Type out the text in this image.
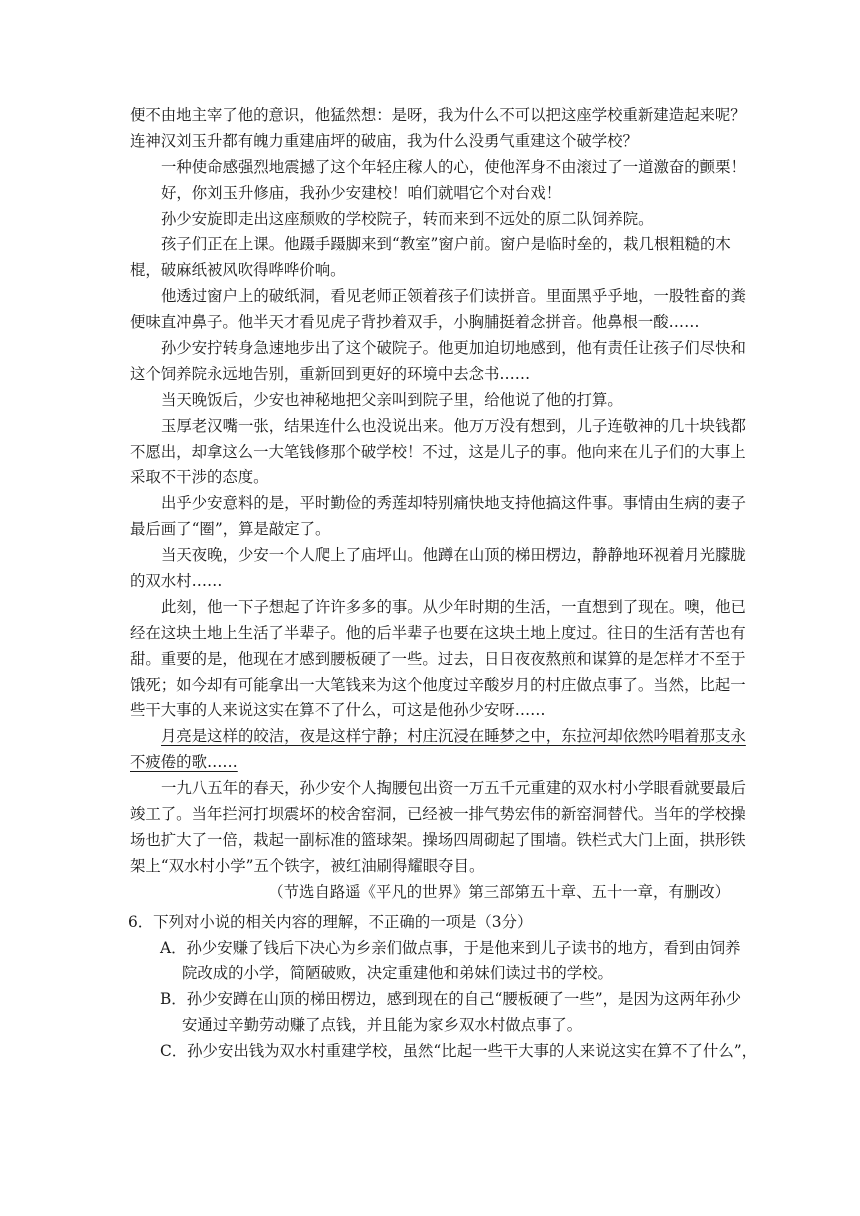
便不由地主宰了他的意识，他猛然想：是呀，我为什么不可以把这座学校重新建造起来呢？
连神汉刘玉升都有魄力重建庙坪的破庙，我为什么没勇气重建这个破学校？
一种使命感强烈地震撼了这个年轻庄稼人的心，使他浑身不由滚过了一道激奋的颤栗！
好，你刘玉升修庙，我孙少安建校！咱们就唱它个对台戏！
孙少安旋即走出这座颓败的学校院子，转而来到不远处的原二队饲养院。
孩子们正在上课。他蹑手蹑脚来到“教室”窗户前。窗户是临时垒的，栽几根粗糙的木
棍，破麻纸被风吹得哗哗价响。
他透过窗户上的破纸洞，看见老师正领着孩子们读拼音。里面黑乎乎地，一股牲畜的粪
便味直冲鼻子。他半天才看见虎子背抄着双手，小胸脯挺着念拼音。他鼻根一酸……
孙少安拧转身急速地步出了这个破院子。他更加迫切地感到，他有责任让孩子们尽快和
这个饲养院永远地告别，重新回到更好的环境中去念书……
当天晚饭后，少安也神秘地把父亲叫到院子里，给他说了他的打算。
玉厚老汉嘴一张，结果连什么也没说出来。他万万没有想到，儿子连敬神的几十块钱都
不愿出，却拿这么一大笔钱修那个破学校！不过，这是儿子的事。他向来在儿子们的大事上
采取不干涉的态度。
出乎少安意料的是，平时勤俭的秀莲却特别痛快地支持他搞这件事。事情由生病的妻子
最后画了“圈”，算是敲定了。
当天夜晚，少安一个人爬上了庙坪山。他蹲在山顶的梯田楞边，静静地环视着月光朦胧
的双水村……
此刻，他一下子想起了许许多多的事。从少年时期的生活，一直想到了现在。噢，他已
经在这块土地上生活了半辈子。他的后半辈子也要在这块土地上度过。往日的生活有苦也有
甜。重要的是，他现在才感到腰板硬了一些。过去，日日夜夜熬煎和谋算的是怎样才不至于
饿死；如今却有可能拿出一大笔钱来为这个他度过辛酸岁月的村庄做点事了。当然，比起一
些干大事的人来说这实在算不了什么，可这是他孙少安呀……
月亮是这样的皎洁，夜是这样宁静；村庄沉浸在睡梦之中，东拉河却依然吟唱着那支永
不疲倦的歌……
一九八五年的春天，孙少安个人掏腰包出资一万五千元重建的双水村小学眼看就要最后
竣工了。当年拦河打坝震坏的校舍窑洞，已经被一排气势宏伟的新窑洞替代。当年的学校操
场也扩大了一倍，栽起一副标准的篮球架。操场四周砌起了围墙。铁栏式大门上面，拱形铁
架上“双水村小学”五个铁字，被红油刷得耀眼夺目。
（节选自路遥《平凡的世界》第三部第五十章、五十一章，有删改）
6．下列对小说的相关内容的理解，不正确的一项是（3分）
A．孙少安赚了钱后下决心为乡亲们做点事，于是他来到儿子读书的地方，看到由饲养
院改成的小学，简陋破败，决定重建他和弟妹们读过书的学校。
B．孙少安蹲在山顶的梯田楞边，感到现在的自己“腰板硬了一些”，是因为这两年孙少
安通过辛勤劳动赚了点钱，并且能为家乡双水村做点事了。
C．孙少安出钱为双水村重建学校，虽然“比起一些干大事的人来说这实在算不了什么”，
